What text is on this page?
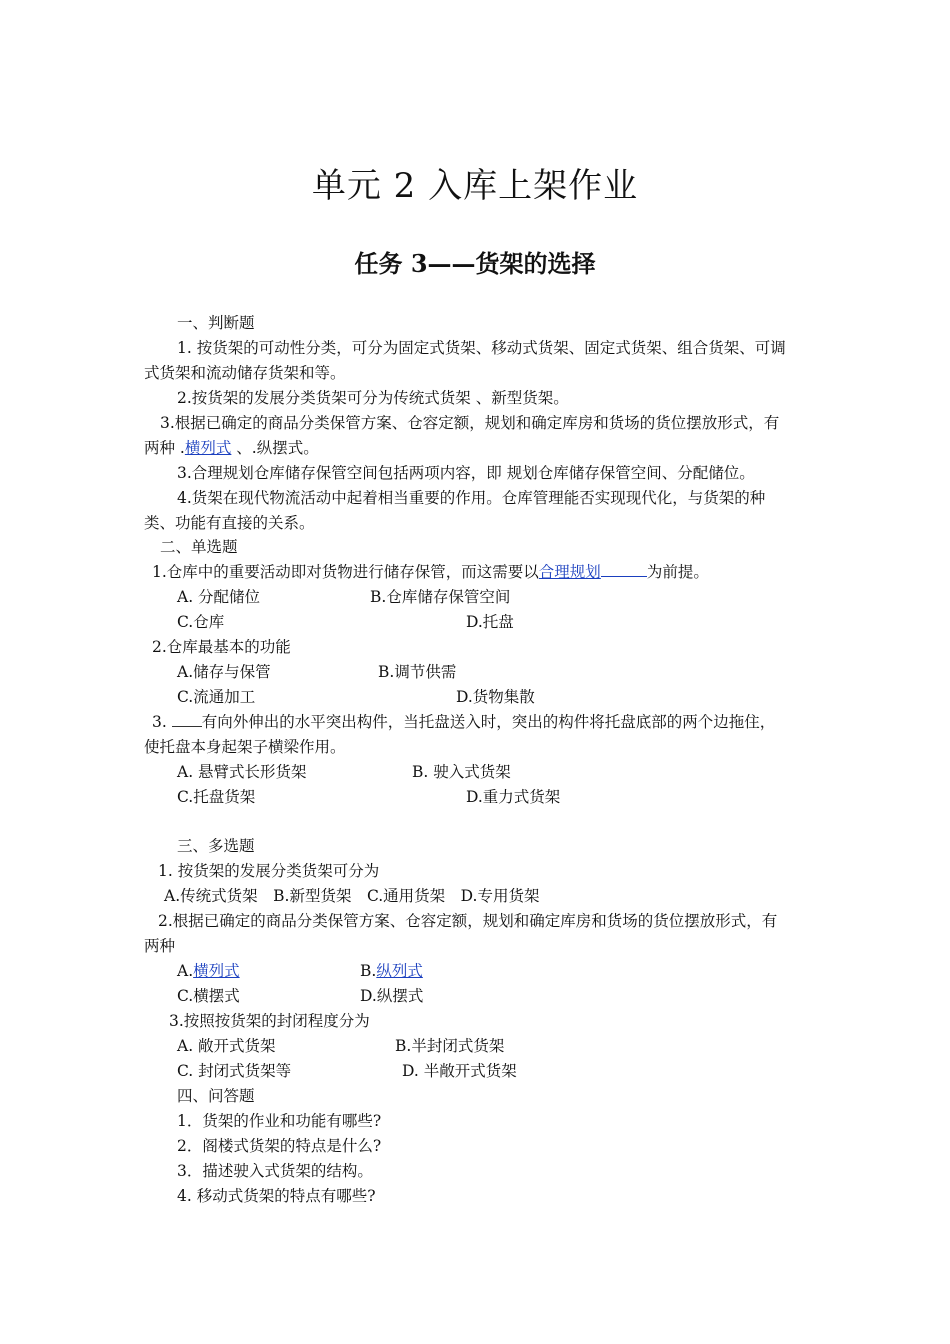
单元 2 入库上架作业
任务 3——货架的选择
一、判断题
1. 按货架的可动性分类，可分为固定式货架、移动式货架、固定式货架、组合货架、可调
式货架和流动储存货架和等。
2.按货架的发展分类货架可分为传统式货架 、新型货架。
3.根据已确定的商品分类保管方案、仓容定额，规划和确定库房和货场的货位摆放形式，有
两种 .横列式 、.纵摆式。
3.合理规划仓库储存保管空间包括两项内容，即 规划仓库储存保管空间、分配储位。
4.货架在现代物流活动中起着相当重要的作用。仓库管理能否实现现代化，与货架的种
类、功能有直接的关系。
二、单选题
1.仓库中的重要活动即对货物进行储存保管，而这需要以合理规划	为前提。
A. 分配储位	B.仓库储存保管空间
C.仓库	D.托盘
2.仓库最基本的功能
A.储存与保管	B.调节供需
C.流通加工	D.货物集散
3. 有向外伸出的水平突出构件，当托盘送入时，突出的构件将托盘底部的两个边拖住，
使托盘本身起架子横梁作用。
A. 悬臂式长形货架	B. 驶入式货架
C.托盘货架	D.重力式货架
三、多选题
1. 按货架的发展分类货架可分为
A.传统式货架　B.新型货架　C.通用货架　D.专用货架
2.根据已确定的商品分类保管方案、仓容定额，规划和确定库房和货场的货位摆放形式，有
两种
A.横列式	B.纵列式
C.横摆式	D.纵摆式
3.按照按货架的封闭程度分为
A. 敞开式货架	B.半封闭式货架
C. 封闭式货架等	D. 半敞开式货架
四、问答题
1．货架的作业和功能有哪些?
2．阁楼式货架的特点是什么?
3．描述驶入式货架的结构。
4. 移动式货架的特点有哪些?
